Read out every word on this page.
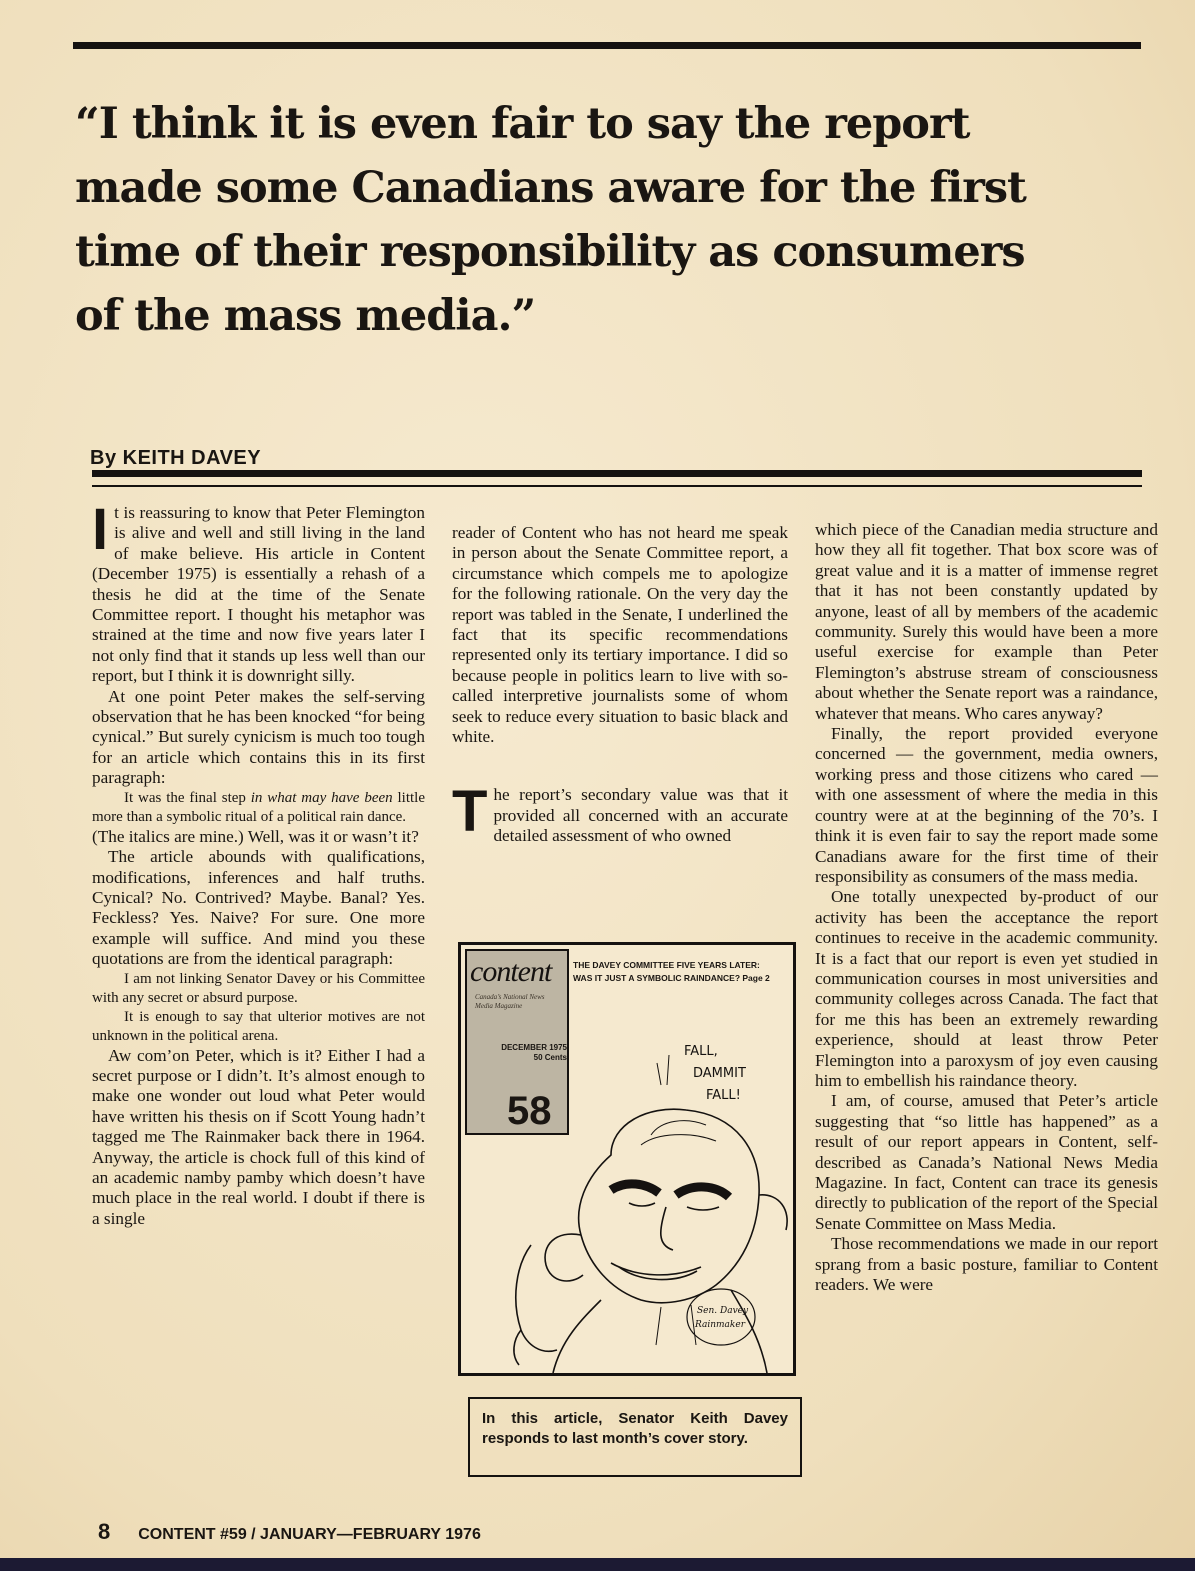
“I think it is even fair to say the report made some Canadians aware for the first time of their responsibility as consumers of the mass media.”
By KEITH DAVEY
I t is reassuring to know that Peter Flemington is alive and well and still living in the land of make believe. His article in Content (December 1975) is essentially a rehash of a thesis he did at the time of the Senate Committee report. I thought his metaphor was strained at the time and now five years later I not only find that it stands up less well than our report, but I think it is downright silly.

At one point Peter makes the self-serving observation that he has been knocked “for being cynical.” But surely cynicism is much too tough for an article which contains this in its first paragraph:

It was the final step in what may have been little more than a symbolic ritual of a political rain dance.

(The italics are mine.) Well, was it or wasn’t it?

The article abounds with qualifications, modifications, inferences and half truths. Cynical? No. Contrived? Maybe. Banal? Yes. Feckless? Yes. Naive? For sure. One more example will suffice. And mind you these quotations are from the identical paragraph:

I am not linking Senator Davey or his Committee with any secret or absurd purpose.

It is enough to say that ulterior motives are not unknown in the political arena.

Aw com’on Peter, which is it? Either I had a secret purpose or I didn’t. It’s almost enough to make one wonder out loud what Peter would have written his thesis on if Scott Young hadn’t tagged me The Rainmaker back there in 1964. Anyway, the article is chock full of this kind of an academic namby pamby which doesn’t have much place in the real world. I doubt if there is a single

reader of Content who has not heard me speak in person about the Senate Committee report, a circumstance which compels me to apologize for the following rationale. On the very day the report was tabled in the Senate, I underlined the fact that its specific recommendations represented only its tertiary importance. I did so because people in politics learn to live with so-called interpretive journalists some of whom seek to reduce every situation to basic black and white.

T he report’s secondary value was that it provided all concerned with an accurate detailed assessment of who owned

FALL,
DAMMIT
FALL!
Sen. Davey
Rainmaker
content
Canada’s National News Media Magazine
DECEMBER 1975
50 Cents
58
THE DAVEY COMMITTEE FIVE YEARS LATER:
WAS IT JUST A SYMBOLIC RAINDANCE? Page 2
In this article, Senator Keith Davey responds to last month’s cover story.

which piece of the Canadian media structure and how they all fit together. That box score was of great value and it is a matter of immense regret that it has not been constantly updated by anyone, least of all by members of the academic community. Surely this would have been a more useful exercise for example than Peter Flemington’s abstruse stream of consciousness about whether the Senate report was a raindance, whatever that means. Who cares anyway?

Finally, the report provided everyone concerned — the government, media owners, working press and those citizens who cared — with one assessment of where the media in this country were at at the beginning of the 70’s. I think it is even fair to say the report made some Canadians aware for the first time of their responsibility as consumers of the mass media.

One totally unexpected by-product of our activity has been the acceptance the report continues to receive in the academic community. It is a fact that our report is even yet studied in communication courses in most universities and community colleges across Canada. The fact that for me this has been an extremely rewarding experience, should at least throw Peter Flemington into a paroxysm of joy even causing him to embellish his raindance theory.

I am, of course, amused that Peter’s article suggesting that “so little has happened” as a result of our report appears in Content, self-described as Canada’s National News Media Magazine. In fact, Content can trace its genesis directly to publication of the report of the Special Senate Committee on Mass Media.

Those recommendations we made in our report sprang from a basic posture, familiar to Content readers. We were

8 CONTENT #59 / JANUARY—FEBRUARY 1976
